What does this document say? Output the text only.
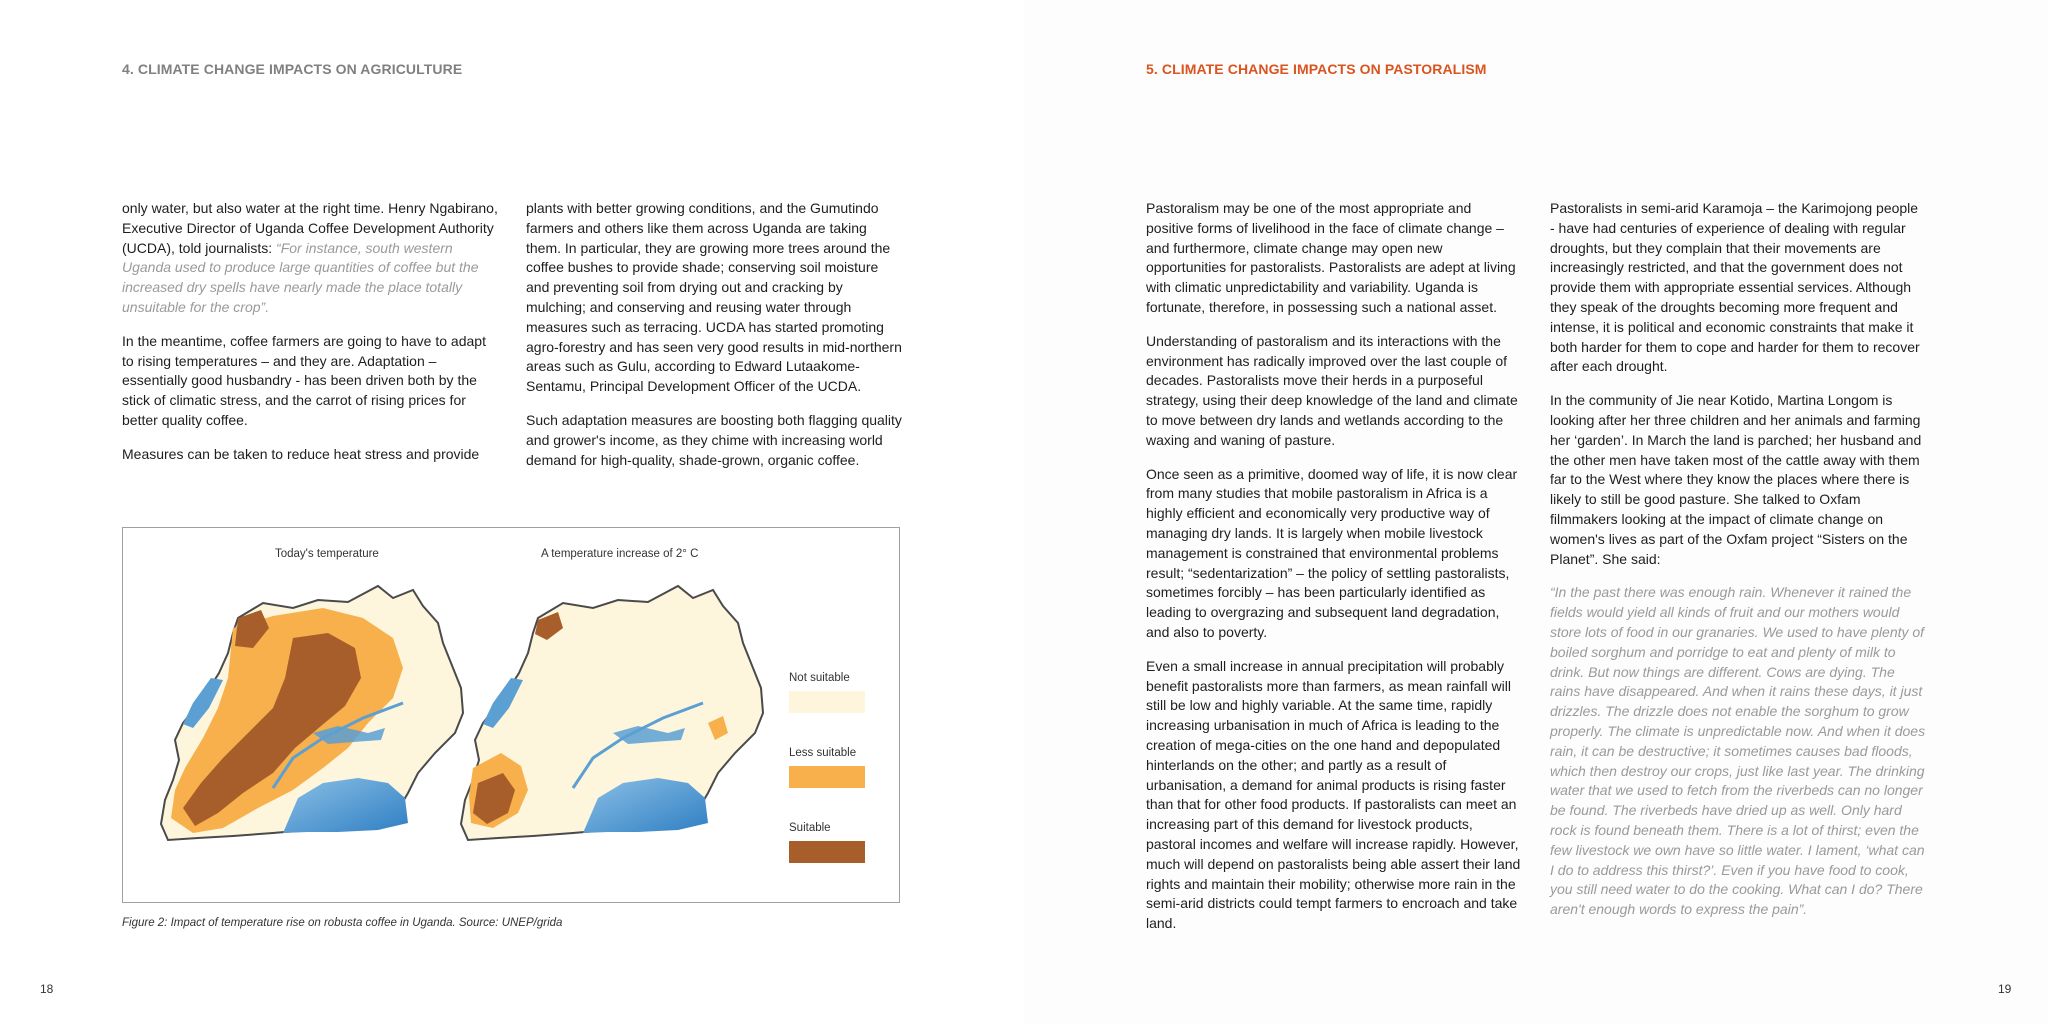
4. CLIMATE CHANGE IMPACTS ON AGRICULTURE

only water, but also water at the right time. Henry Ngabirano, Executive Director of Uganda Coffee Development Authority (UCDA), told journalists: “For instance, south western Uganda used to produce large quantities of coffee but the increased dry spells have nearly made the place totally unsuitable for the crop”.

In the meantime, coffee farmers are going to have to adapt to rising temperatures – and they are. Adaptation – essentially good husbandry - has been driven both by the stick of climatic stress, and the carrot of rising prices for better quality coffee.

Measures can be taken to reduce heat stress and provide

plants with better growing conditions, and the Gumutindo farmers and others like them across Uganda are taking them. In particular, they are growing more trees around the coffee bushes to provide shade; conserving soil moisture and preventing soil from drying out and cracking by mulching; and conserving and reusing water through measures such as terracing. UCDA has started promoting agro-forestry and has seen very good results in mid-northern areas such as Gulu, according to Edward Lutaakome-Sentamu, Principal Development Officer of the UCDA.

Such adaptation measures are boosting both flagging quality and grower's income, as they chime with increasing world demand for high-quality, shade-grown, organic coffee.

Today's temperature	A temperature increase of 2° C
Not suitable
Less suitable
Suitable
Figure 2: Impact of temperature rise on robusta coffee in Uganda. Source: UNEP/grida
18
5. CLIMATE CHANGE IMPACTS ON PASTORALISM

Pastoralism may be one of the most appropriate and positive forms of livelihood in the face of climate change – and furthermore, climate change may open new opportunities for pastoralists. Pastoralists are adept at living with climatic unpredictability and variability. Uganda is fortunate, therefore, in possessing such a national asset.

Understanding of pastoralism and its interactions with the environment has radically improved over the last couple of decades. Pastoralists move their herds in a purposeful strategy, using their deep knowledge of the land and climate to move between dry lands and wetlands according to the waxing and waning of pasture.

Once seen as a primitive, doomed way of life, it is now clear from many studies that mobile pastoralism in Africa is a highly efficient and economically very productive way of managing dry lands. It is largely when mobile livestock management is constrained that environmental problems result; “sedentarization” – the policy of settling pastoralists, sometimes forcibly – has been particularly identified as leading to overgrazing and subsequent land degradation, and also to poverty.

Even a small increase in annual precipitation will probably benefit pastoralists more than farmers, as mean rainfall will still be low and highly variable. At the same time, rapidly increasing urbanisation in much of Africa is leading to the creation of mega-cities on the one hand and depopulated hinterlands on the other; and partly as a result of urbanisation, a demand for animal products is rising faster than that for other food products. If pastoralists can meet an increasing part of this demand for livestock products, pastoral incomes and welfare will increase rapidly. However, much will depend on pastoralists being able assert their land rights and maintain their mobility; otherwise more rain in the semi-arid districts could tempt farmers to encroach and take land.

Pastoralists in semi-arid Karamoja – the Karimojong people - have had centuries of experience of dealing with regular droughts, but they complain that their movements are increasingly restricted, and that the government does not provide them with appropriate essential services. Although they speak of the droughts becoming more frequent and intense, it is political and economic constraints that make it both harder for them to cope and harder for them to recover after each drought.

In the community of Jie near Kotido, Martina Longom is looking after her three children and her animals and farming her ‘garden’. In March the land is parched; her husband and the other men have taken most of the cattle away with them far to the West where they know the places where there is likely to still be good pasture. She talked to Oxfam filmmakers looking at the impact of climate change on women's lives as part of the Oxfam project “Sisters on the Planet”. She said:

“In the past there was enough rain. Whenever it rained the fields would yield all kinds of fruit and our mothers would store lots of food in our granaries. We used to have plenty of boiled sorghum and porridge to eat and plenty of milk to drink. But now things are different. Cows are dying. The rains have disappeared. And when it rains these days, it just drizzles. The drizzle does not enable the sorghum to grow properly. The climate is unpredictable now. And when it does rain, it can be destructive; it sometimes causes bad floods, which then destroy our crops, just like last year. The drinking water that we used to fetch from the riverbeds can no longer be found. The riverbeds have dried up as well. Only hard rock is found beneath them. There is a lot of thirst; even the few livestock we own have so little water. I lament, ‘what can I do to address this thirst?’. Even if you have food to cook, you still need water to do the cooking. What can I do? There aren't enough words to express the pain”.

19
